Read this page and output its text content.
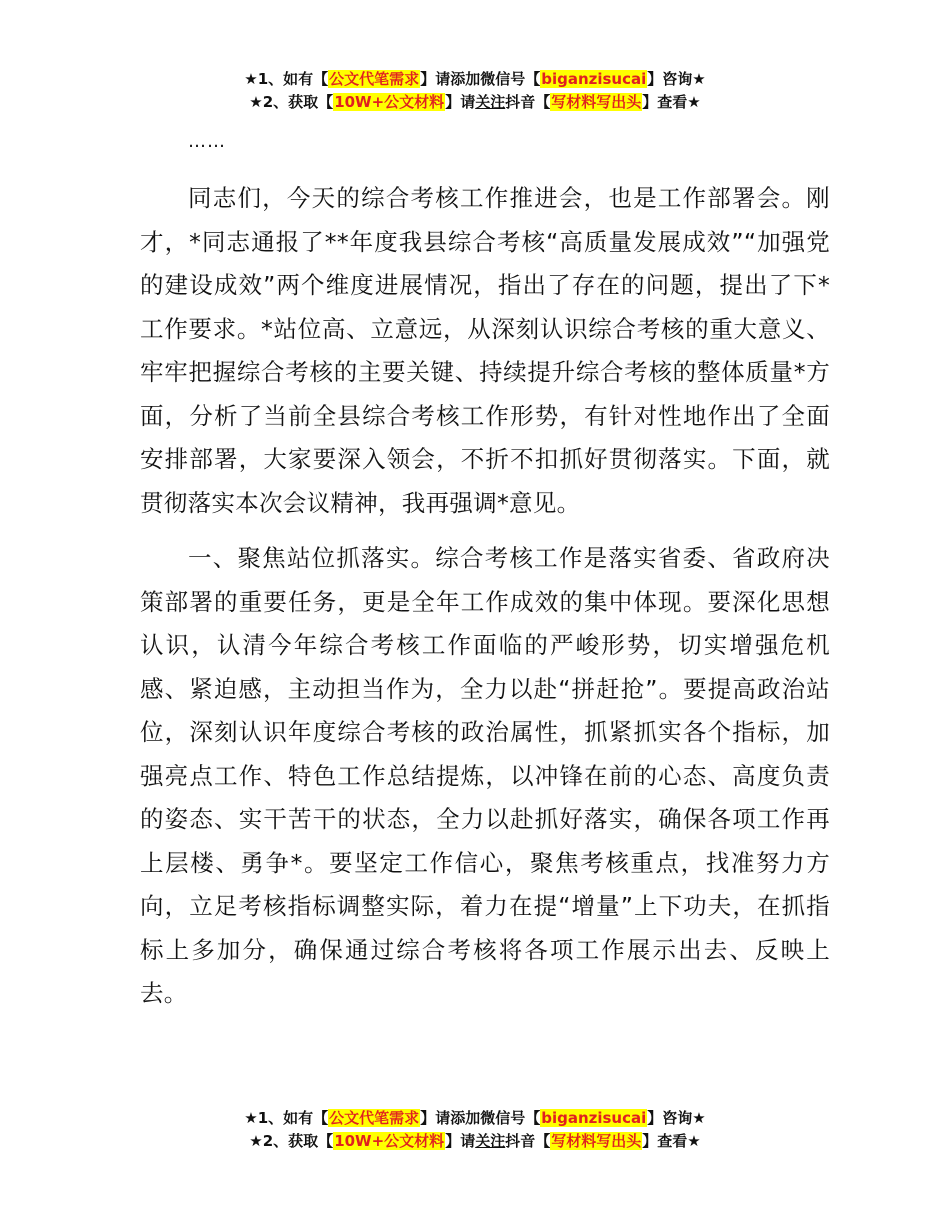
★1、如有【公文代笔需求】请添加微信号【biganzisucai】咨询★
★2、获取【10W+公文材料】请关注抖音【写材料写出头】查看★

……

同志们，今天的综合考核工作推进会，也是工作部署会。刚才，*同志通报了**年度我县综合考核“高质量发展成效”“加强党的建设成效”两个维度进展情况，指出了存在的问题，提出了下*工作要求。*站位高、立意远，从深刻认识综合考核的重大意义、牢牢把握综合考核的主要关键、持续提升综合考核的整体质量*方面，分析了当前全县综合考核工作形势，有针对性地作出了全面安排部署，大家要深入领会，不折不扣抓好贯彻落实。下面，就贯彻落实本次会议精神，我再强调*意见。

一、聚焦站位抓落实。综合考核工作是落实省委、省政府决策部署的重要任务，更是全年工作成效的集中体现。要深化思想认识，认清今年综合考核工作面临的严峻形势，切实增强危机感、紧迫感，主动担当作为，全力以赴“拼赶抢”。要提高政治站位，深刻认识年度综合考核的政治属性，抓紧抓实各个指标，加强亮点工作、特色工作总结提炼，以冲锋在前的心态、高度负责的姿态、实干苦干的状态，全力以赴抓好落实，确保各项工作再上层楼、勇争*。要坚定工作信心，聚焦考核重点，找准努力方向，立足考核指标调整实际，着力在提“增量”上下功夫，在抓指标上多加分，确保通过综合考核将各项工作展示出去、反映上去。

★1、如有【公文代笔需求】请添加微信号【biganzisucai】咨询★
★2、获取【10W+公文材料】请关注抖音【写材料写出头】查看★
